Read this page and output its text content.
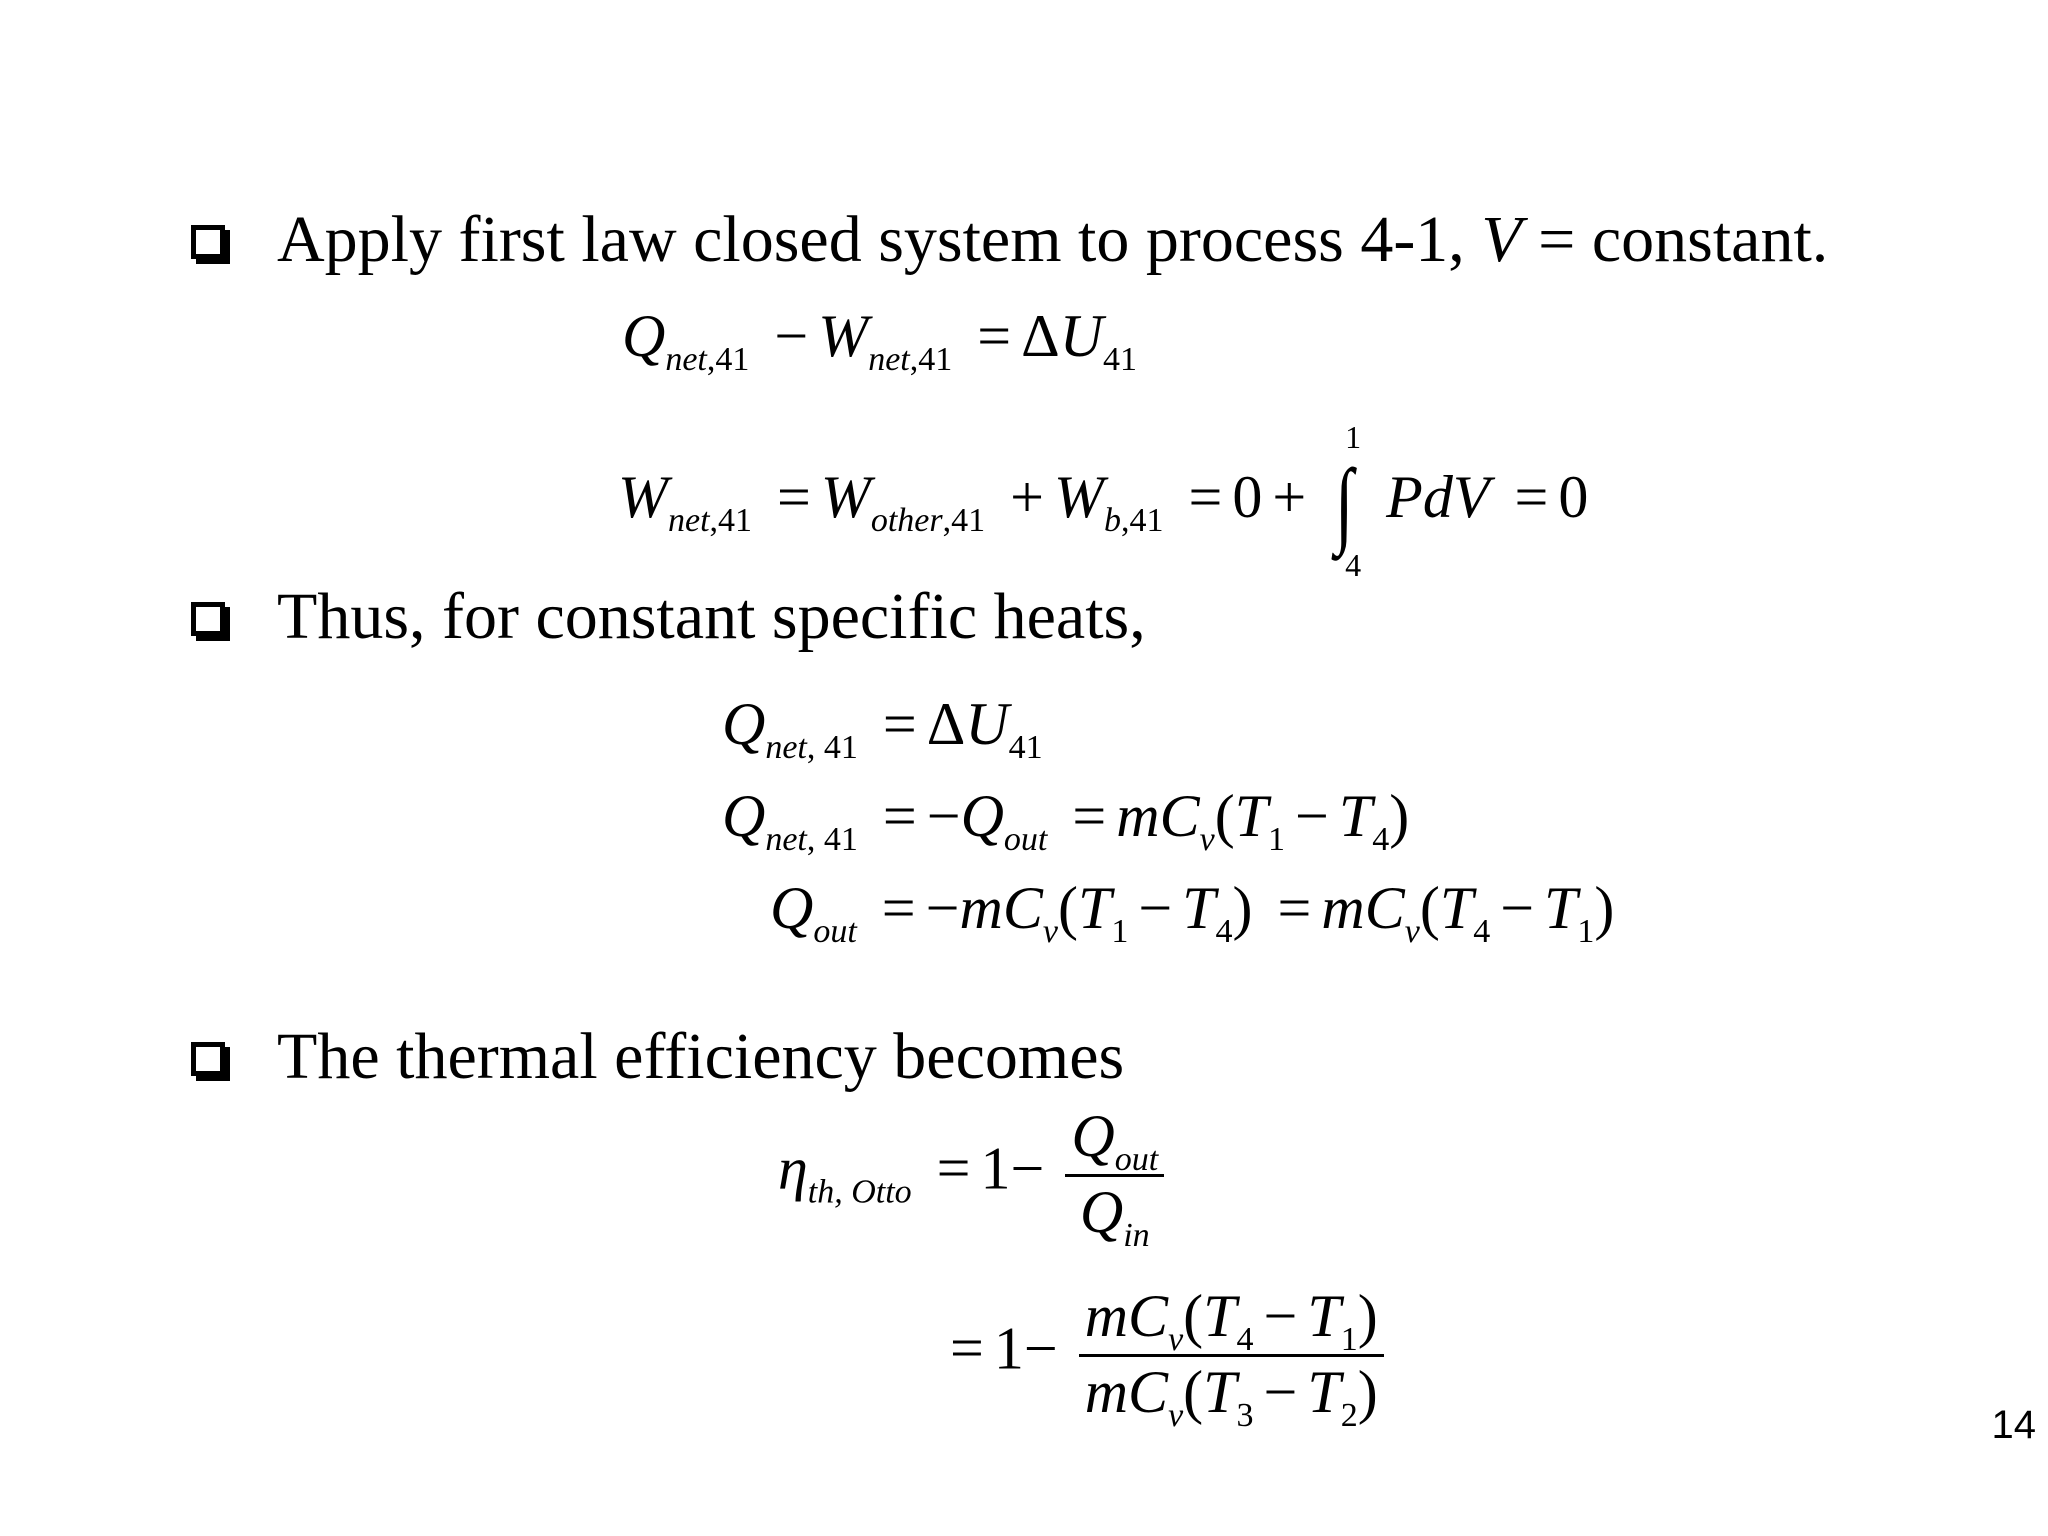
Apply first law closed system to process 4-1, V = constant.
$Q_{net,41} - W_{net,41} = \Delta U_{41}$
$W_{net,41} = W_{other,41} + W_{b,41} = 0$ +
1
∫
4
PdV = 0
Thus, for constant specific heats,
$Q_{net, 41} = \Delta U_{41}$
$Q_{net, 41} = -Q_{out} = mC_v(T_1 - T_4)$
$Q_{out} = -mC_v(T_1 - T_4) = mC_v(T_4 - T_1)$
The thermal efficiency becomes
$\eta_{th, Otto} = 1- \frac{Q_{out}}{Q_{in}}$
= $1- \frac{mC_v(T_4 - T_1)}{mC_v(T_3 - T_2)}$
14
